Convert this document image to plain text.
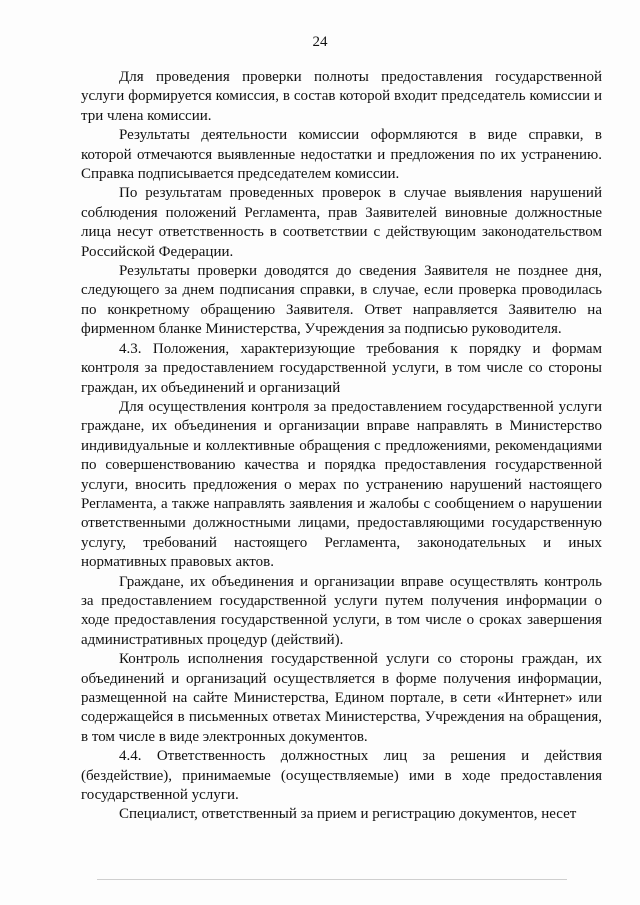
24

Для проведения проверки полноты предоставления государственной услуги формируется комиссия, в состав которой входит председатель комиссии и три члена комиссии.

Результаты деятельности комиссии оформляются в виде справки, в которой отмечаются выявленные недостатки и предложения по их устранению. Справка подписывается председателем комиссии.

По результатам проведенных проверок в случае выявления нарушений соблюдения положений Регламента, прав Заявителей виновные должностные лица несут ответственность в соответствии с действующим законодательством Российской Федерации.

Результаты проверки доводятся до сведения Заявителя не позднее дня, следующего за днем подписания справки, в случае, если проверка проводилась по конкретному обращению Заявителя. Ответ направляется Заявителю на фирменном бланке Министерства, Учреждения за подписью руководителя.

4.3. Положения, характеризующие требования к порядку и формам контроля за предоставлением государственной услуги, в том числе со стороны граждан, их объединений и организаций

Для осуществления контроля за предоставлением государственной услуги граждане, их объединения и организации вправе направлять в Министерство индивидуальные и коллективные обращения с предложениями, рекомендациями по совершенствованию качества и порядка предоставления государственной услуги, вносить предложения о мерах по устранению нарушений настоящего Регламента, а также направлять заявления и жалобы с сообщением о нарушении ответственными должностными лицами, предоставляющими государственную услугу, требований настоящего Регламента, законодательных и иных нормативных правовых актов.

Граждане, их объединения и организации вправе осуществлять контроль за предоставлением государственной услуги путем получения информации о ходе предоставления государственной услуги, в том числе о сроках завершения административных процедур (действий).

Контроль исполнения государственной услуги со стороны граждан, их объединений и организаций осуществляется в форме получения информации, размещенной на сайте Министерства, Едином портале, в сети «Интернет» или содержащейся в письменных ответах Министерства, Учреждения на обращения, в том числе в виде электронных документов.

4.4. Ответственность должностных лиц за решения и действия (бездействие), принимаемые (осуществляемые) ими в ходе предоставления государственной услуги.

Специалист, ответственный за прием и регистрацию документов, несет
